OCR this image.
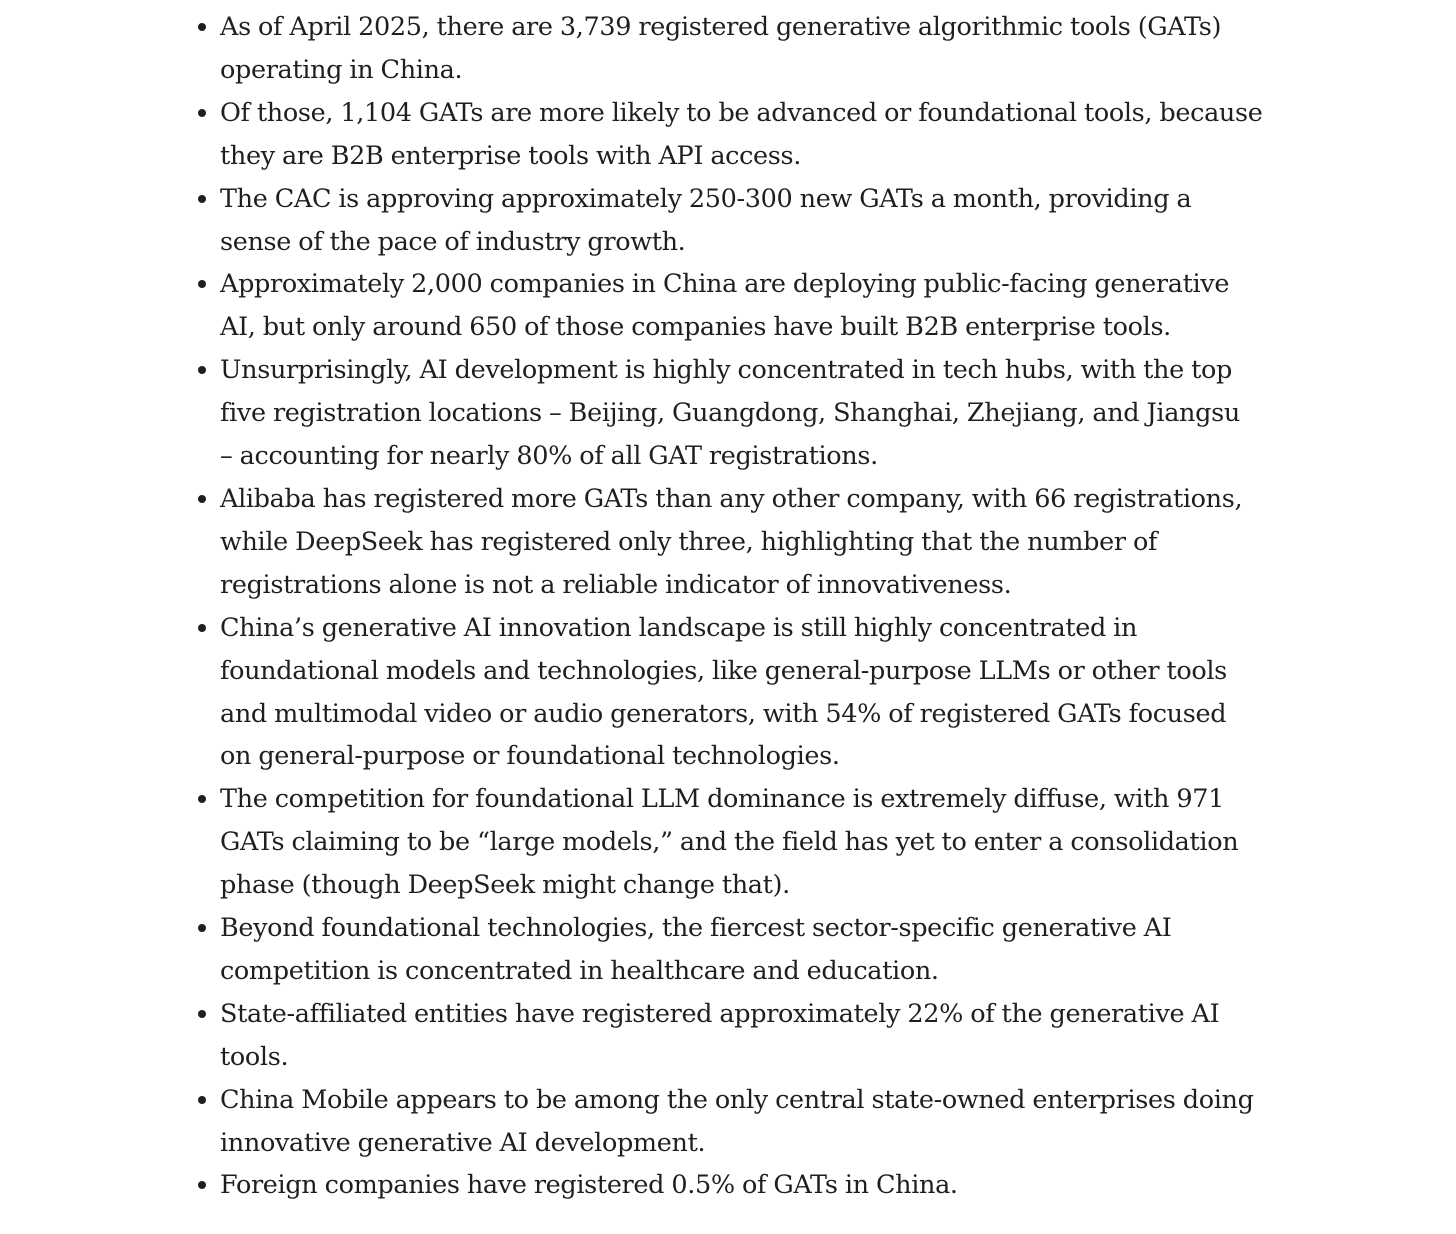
As of April 2025, there are 3,739 registered generative algorithmic tools (GATs)
operating in China.
Of those, 1,104 GATs are more likely to be advanced or foundational tools, because
they are B2B enterprise tools with API access.
The CAC is approving approximately 250-300 new GATs a month, providing a
sense of the pace of industry growth.
Approximately 2,000 companies in China are deploying public-facing generative
AI, but only around 650 of those companies have built B2B enterprise tools.
Unsurprisingly, AI development is highly concentrated in tech hubs, with the top
five registration locations – Beijing, Guangdong, Shanghai, Zhejiang, and Jiangsu
– accounting for nearly 80% of all GAT registrations.
Alibaba has registered more GATs than any other company, with 66 registrations,
while DeepSeek has registered only three, highlighting that the number of
registrations alone is not a reliable indicator of innovativeness.
China’s generative AI innovation landscape is still highly concentrated in
foundational models and technologies, like general-purpose LLMs or other tools
and multimodal video or audio generators, with 54% of registered GATs focused
on general-purpose or foundational technologies.
The competition for foundational LLM dominance is extremely diffuse, with 971
GATs claiming to be “large models,” and the field has yet to enter a consolidation
phase (though DeepSeek might change that).
Beyond foundational technologies, the fiercest sector-specific generative AI
competition is concentrated in healthcare and education.
State-affiliated entities have registered approximately 22% of the generative AI
tools.
China Mobile appears to be among the only central state-owned enterprises doing
innovative generative AI development.
Foreign companies have registered 0.5% of GATs in China.
